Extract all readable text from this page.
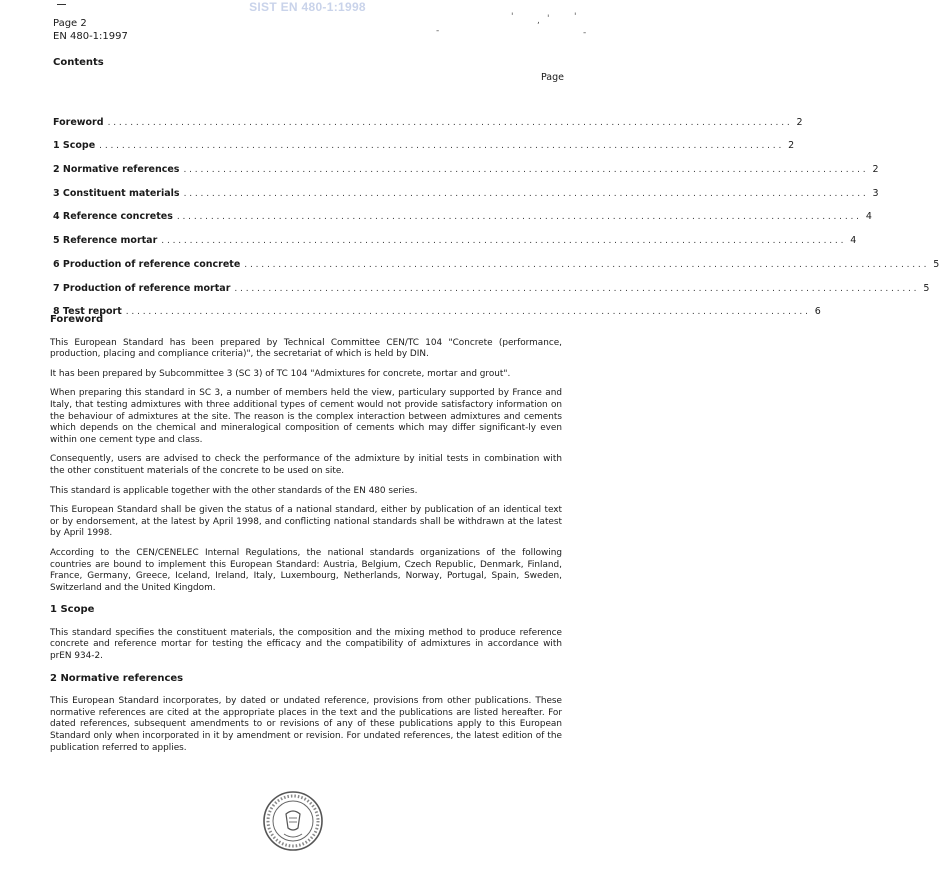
SIST EN 480-1:1998
'	, '	'
-
-
Page 2
EN 480-1:1997
Contents
Page
Foreword ......................................................................................................................... 2
1 Scope ......................................................................................................................... 2
2 Normative references ......................................................................................................................... 2
3 Constituent materials ......................................................................................................................... 3
4 Reference concretes ......................................................................................................................... 4
5 Reference mortar ......................................................................................................................... 4
6 Production of reference concrete ......................................................................................................................... 5
7 Production of reference mortar ......................................................................................................................... 5
8 Test report ......................................................................................................................... 6
Foreword

This European Standard has been prepared by Technical Committee CEN/TC 104 "Concrete (performance, production, placing and compliance criteria)", the secretariat of which is held by DIN.

It has been prepared by Subcommittee 3 (SC 3) of TC 104 "Admixtures for concrete, mortar and grout".

When preparing this standard in SC 3, a number of members held the view, particulary supported by France and Italy, that testing admixtures with three additional types of cement would not provide satisfactory information on the behaviour of admixtures at the site. The reason is the complex interaction between admixtures and cements which depends on the chemical and mineralogical composition of cements which may differ significant-ly even within one cement type and class.

Consequently, users are advised to check the performance of the admixture by initial tests in combination with the other constituent materials of the concrete to be used on site.

This standard is applicable together with the other standards of the EN 480 series.

This European Standard shall be given the status of a national standard, either by publication of an identical text or by endorsement, at the latest by April 1998, and conflicting national standards shall be withdrawn at the latest by April 1998.

According to the CEN/CENELEC Internal Regulations, the national standards organizations of the following countries are bound to implement this European Standard: Austria, Belgium, Czech Republic, Denmark, Finland, France, Germany, Greece, Iceland, Ireland, Italy, Luxembourg, Netherlands, Norway, Portugal, Spain, Sweden, Switzerland and the United Kingdom.

1 Scope

This standard specifies the constituent materials, the composition and the mixing method to produce reference concrete and reference mortar for testing the efficacy and the compatibility of admixtures in accordance with prEN 934-2.

2 Normative references

This European Standard incorporates, by dated or undated reference, provisions from other publications. These normative references are cited at the appropriate places in the text and the publications are listed hereafter. For dated references, subsequent amendments to or revisions of any of these publications apply to this European Standard only when incorporated in it by amendment or revision. For undated references, the latest edition of the publication referred to applies.
